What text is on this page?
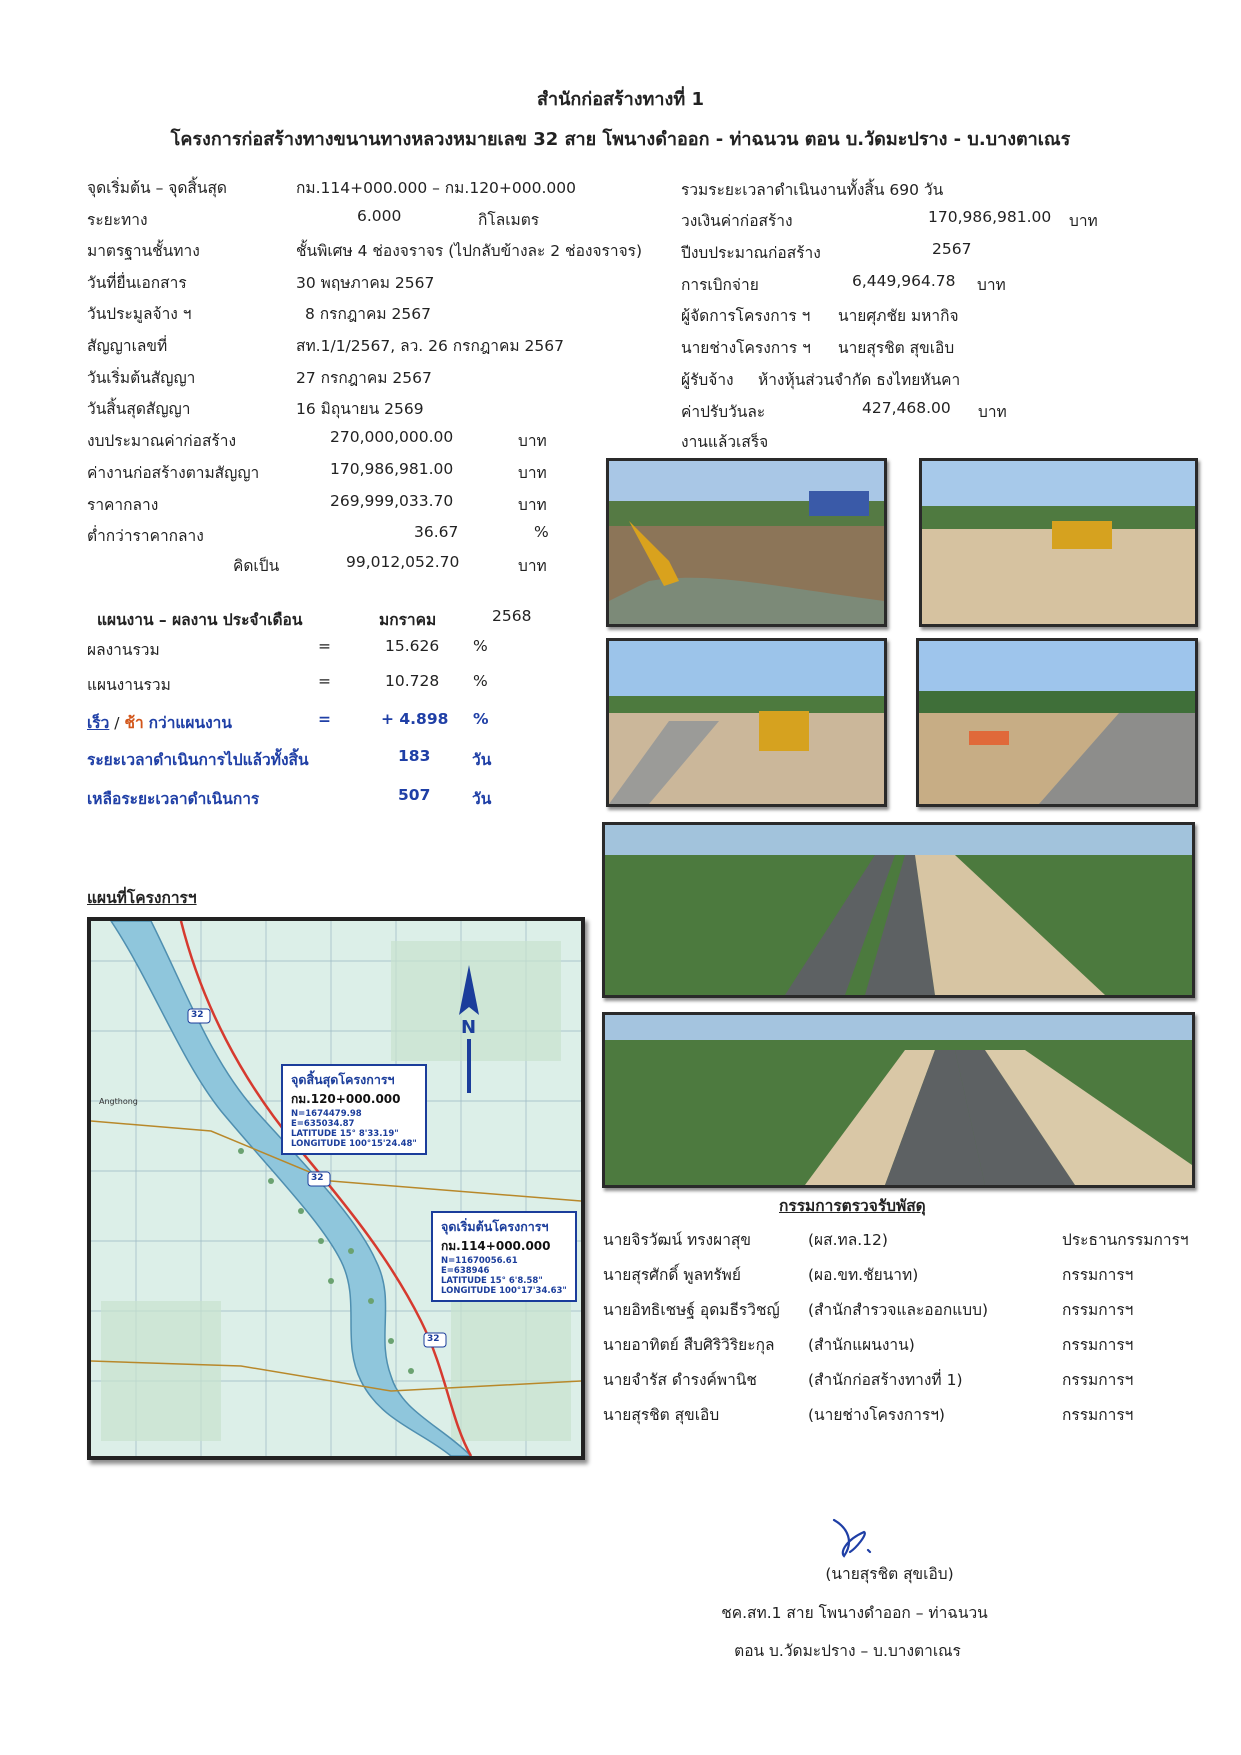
สำนักก่อสร้างทางที่ 1
โครงการก่อสร้างทางขนานทางหลวงหมายเลข 32 สาย โพนางดำออก - ท่าฉนวน ตอน บ.วัดมะปราง - บ.บางตาเณร
จุดเริ่มต้น – จุดสิ้นสุด	กม.114+000.000 – กม.120+000.000
ระยะทาง	6.000	กิโลเมตร
มาตรฐานชั้นทาง	ชั้นพิเศษ 4 ช่องจราจร (ไปกลับข้างละ 2 ช่องจราจร)
วันที่ยื่นเอกสาร	30 พฤษภาคม 2567
วันประมูลจ้าง ฯ	8 กรกฎาคม 2567
สัญญาเลขที่	สท.1/1/2567, ลว. 26 กรกฎาคม 2567
วันเริ่มต้นสัญญา	27 กรกฎาคม 2567
วันสิ้นสุดสัญญา	16 มิถุนายน 2569
งบประมาณค่าก่อสร้าง	270,000,000.00	บาท
ค่างานก่อสร้างตามสัญญา	170,986,981.00	บาท
ราคากลาง	269,999,033.70	บาท
ต่ำกว่าราคากลาง	36.67	%
คิดเป็น	99,012,052.70	บาท
รวมระยะเวลาดำเนินงานทั้งสิ้น 690 วัน
วงเงินค่าก่อสร้าง	170,986,981.00 บาท
ปีงบประมาณก่อสร้าง	2567
การเบิกจ่าย	6,449,964.78 บาท
ผู้จัดการโครงการ ฯ นายศุภชัย มหากิจ
นายช่างโครงการ ฯ นายสุรชิต สุขเอิบ
ผู้รับจ้าง ห้างหุ้นส่วนจำกัด ธงไทยหันคา
ค่าปรับวันละ	427,468.00 บาท
งานแล้วเสร็จ
แผนงาน – ผลงาน ประจำเดือน	มกราคม	2568
ผลงานรวม	=	15.626 %
แผนงานรวม	=	10.728 %
เร็ว / ช้า กว่าแผนงาน	=	+ 4.898 %
ระยะเวลาดำเนินการไปแล้วทั้งสิ้น	183	วัน
เหลือระยะเวลาดำเนินการ	507	วัน
แผนที่โครงการฯ
N
32
32
32
Angthong
จุดสิ้นสุดโครงการฯ
กม.120+000.000
N=1674479.98
E=635034.87
LATITUDE 15° 8'33.19"
LONGITUDE 100°15'24.48"
จุดเริ่มต้นโครงการฯ
กม.114+000.000
N=11670056.61
E=638946
LATITUDE 15° 6'8.58"
LONGITUDE 100°17'34.63"
กรรมการตรวจรับพัสดุ
นายจิรวัฒน์ ทรงผาสุข	(ผส.ทล.12)	ประธานกรรมการฯ
นายสุรศักดิ์ พูลทรัพย์	(ผอ.ขท.ชัยนาท)	กรรมการฯ
นายอิทธิเชษฐ์ อุดมธีรวิชญ์ (สำนักสำรวจและออกแบบ)	กรรมการฯ
นายอาทิตย์ สืบศิริวิริยะกุล (สำนักแผนงาน)	กรรมการฯ
นายจำรัส ดำรงค์พานิช	(สำนักก่อสร้างทางที่ 1)	กรรมการฯ
นายสุรชิต สุขเอิบ	(นายช่างโครงการฯ)	กรรมการฯ
(นายสุรชิต สุขเอิบ)
ชค.สท.1 สาย โพนางดำออก – ท่าฉนวน
ตอน บ.วัดมะปราง – บ.บางตาเณร
